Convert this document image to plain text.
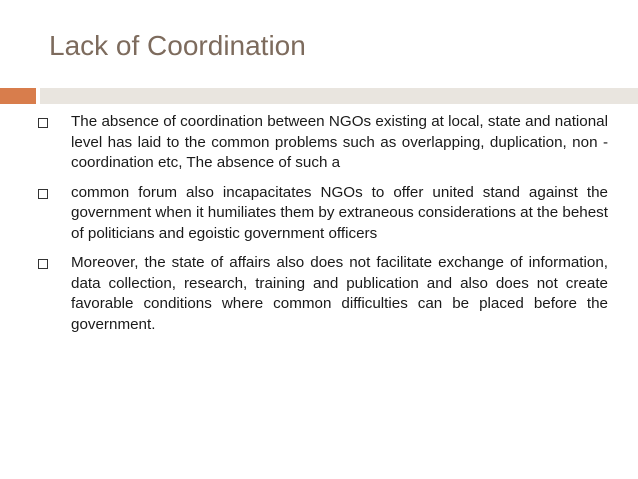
Lack of Coordination
The absence of coordination between NGOs existing at local, state and national level has laid to the common problems such as overlapping, duplication, non -coordination etc, The absence of such a
common forum also incapacitates NGOs to offer united stand against the government when it humiliates them by extraneous considerations at the behest of politicians and egoistic government officers
Moreover, the state of affairs also does not facilitate exchange of information, data collection, research, training and publication and also does not create favorable conditions where common difficulties can be placed before the government.
